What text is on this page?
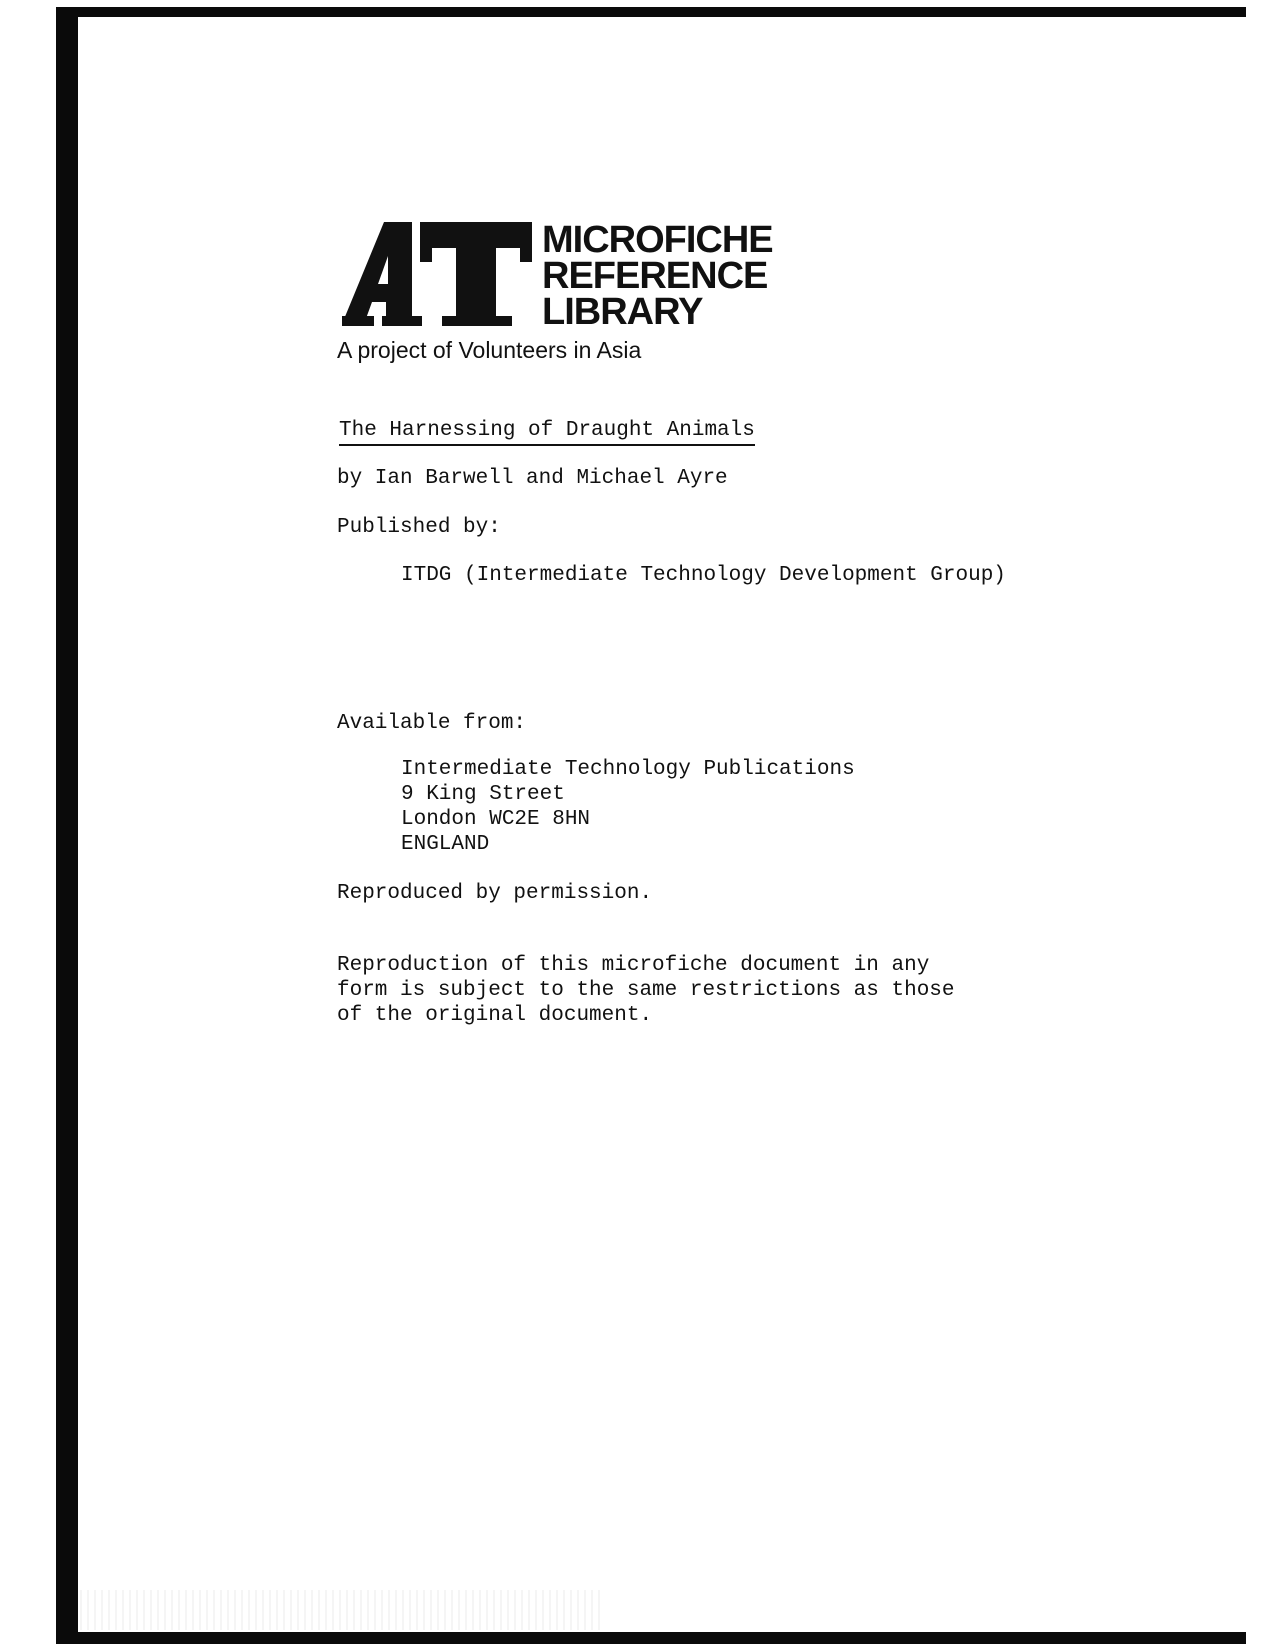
MICROFICHE
REFERENCE
LIBRARY
A project of Volunteers in Asia
The Harnessing of Draught Animals
by Ian Barwell and Michael Ayre
Published by:
ITDG (Intermediate Technology Development Group)
Available from:
Intermediate Technology Publications
9 King Street
London WC2E 8HN
ENGLAND
Reproduced by permission.
Reproduction of this microfiche document in any
form is subject to the same restrictions as those
of the original document.
